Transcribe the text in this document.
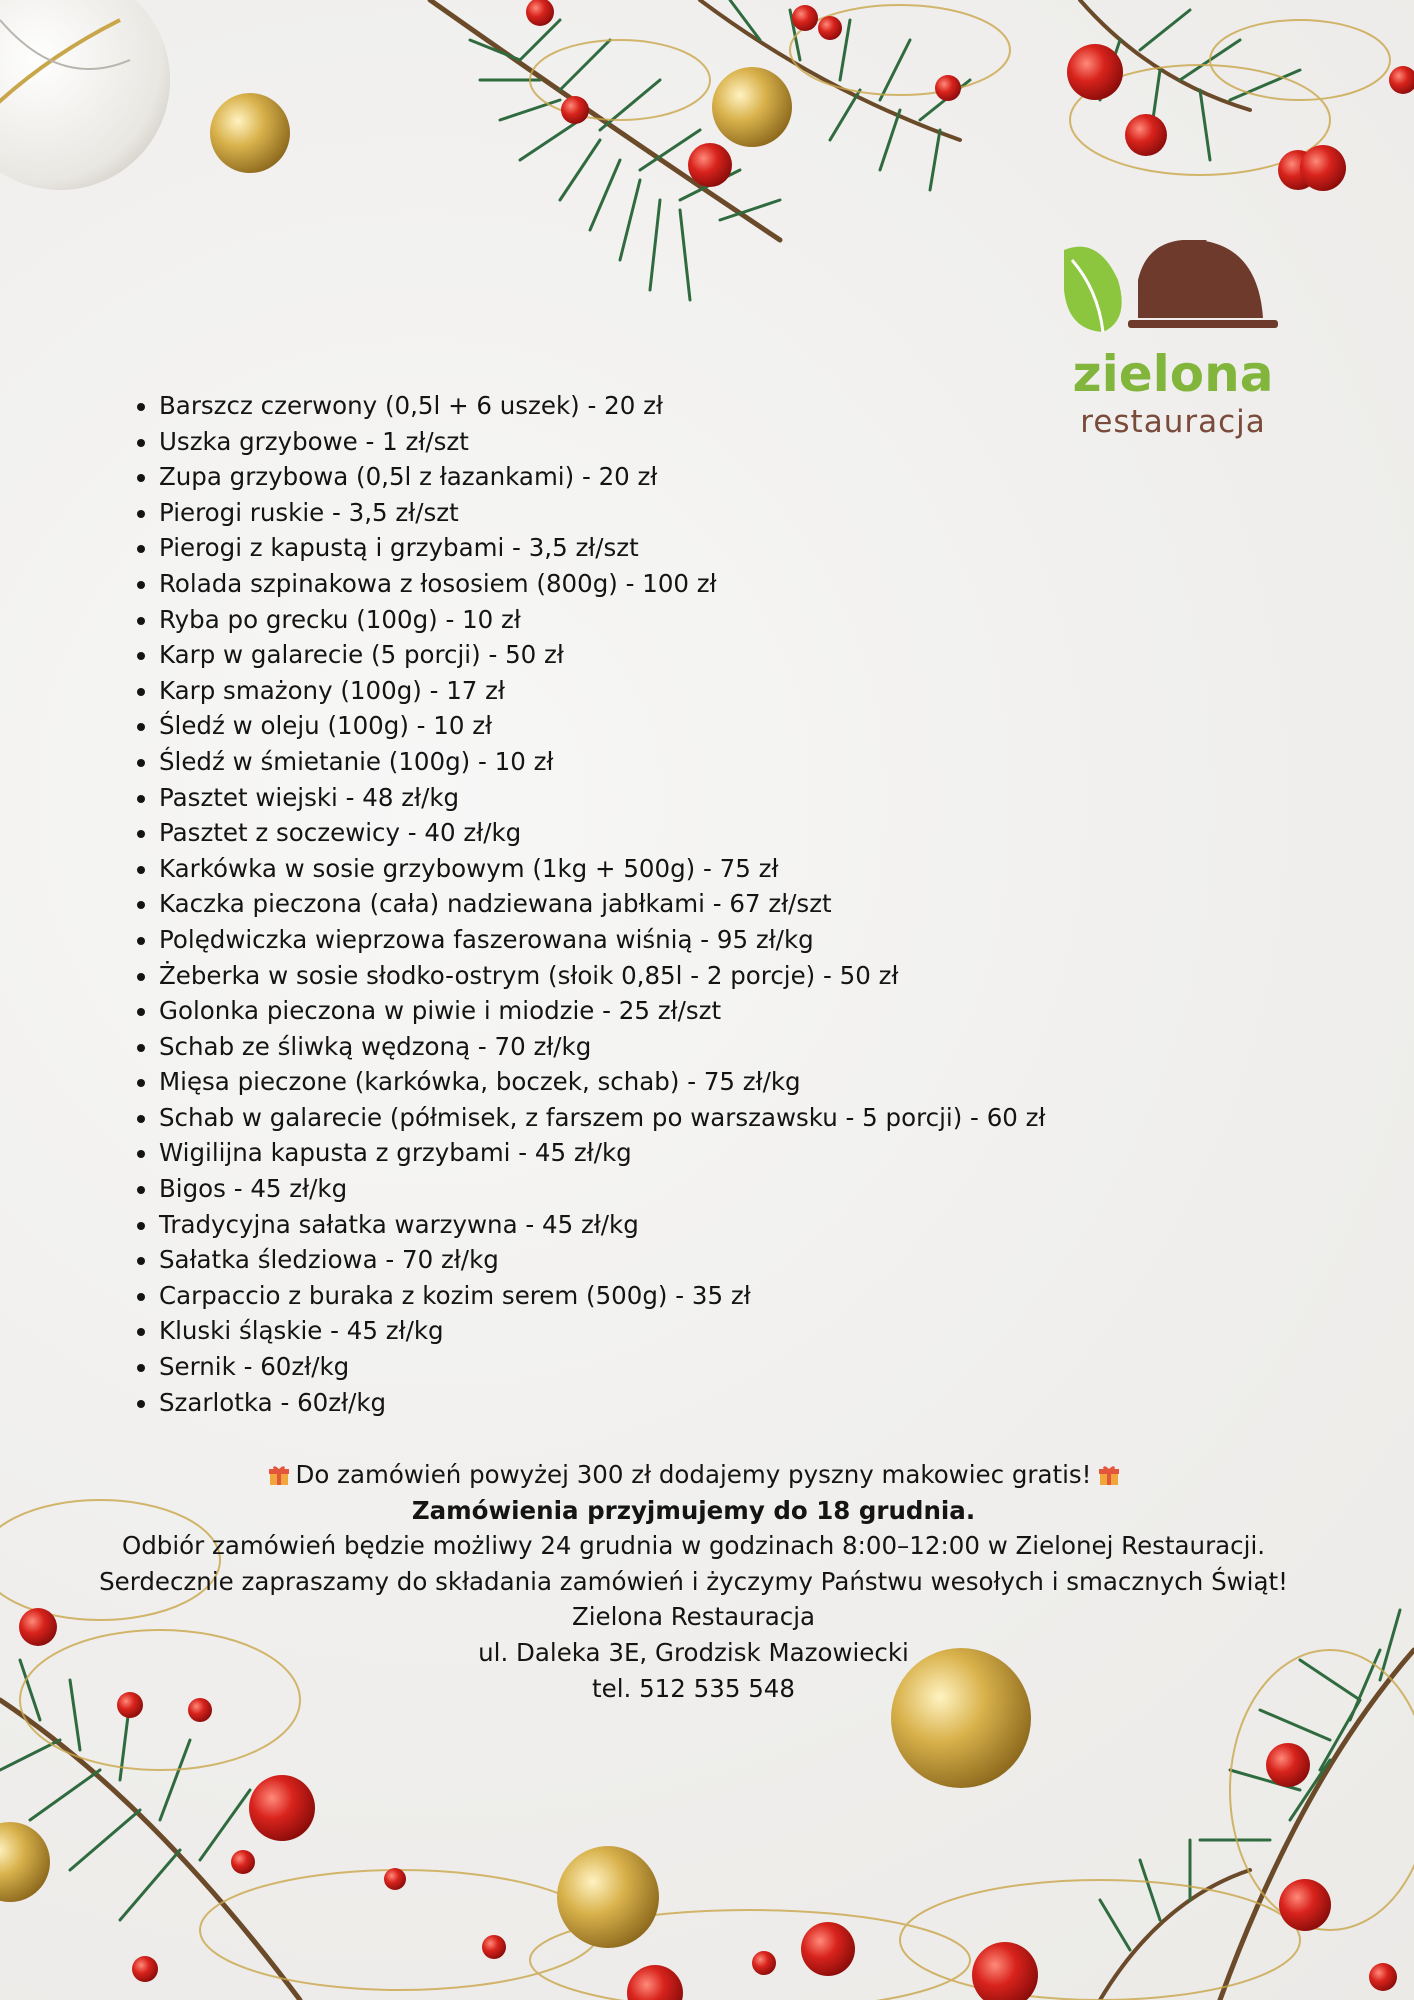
zielona
restauracja
• Barszcz czerwony (0,5l + 6 uszek) - 20 zł
• Uszka grzybowe - 1 zł/szt
• Zupa grzybowa (0,5l z łazankami) - 20 zł
• Pierogi ruskie - 3,5 zł/szt
• Pierogi z kapustą i grzybami - 3,5 zł/szt
• Rolada szpinakowa z łososiem (800g) - 100 zł
• Ryba po grecku (100g) - 10 zł
• Karp w galarecie (5 porcji) - 50 zł
• Karp smażony (100g) - 17 zł
• Śledź w oleju (100g) - 10 zł
• Śledź w śmietanie (100g) - 10 zł
• Pasztet wiejski - 48 zł/kg
• Pasztet z soczewicy - 40 zł/kg
• Karkówka w sosie grzybowym (1kg + 500g) - 75 zł
• Kaczka pieczona (cała) nadziewana jabłkami - 67 zł/szt
• Polędwiczka wieprzowa faszerowana wiśnią - 95 zł/kg
• Żeberka w sosie słodko-ostrym (słoik 0,85l - 2 porcje) - 50 zł
• Golonka pieczona w piwie i miodzie - 25 zł/szt
• Schab ze śliwką wędzoną - 70 zł/kg
• Mięsa pieczone (karkówka, boczek, schab) - 75 zł/kg
• Schab w galarecie (półmisek, z farszem po warszawsku - 5 porcji) - 60 zł
• Wigilijna kapusta z grzybami - 45 zł/kg
• Bigos - 45 zł/kg
• Tradycyjna sałatka warzywna - 45 zł/kg
• Sałatka śledziowa - 70 zł/kg
• Carpaccio z buraka z kozim serem (500g) - 35 zł
• Kluski śląskie - 45 zł/kg
• Sernik - 60zł/kg
• Szarlotka - 60zł/kg
Do zamówień powyżej 300 zł dodajemy pyszny makowiec gratis!
Zamówienia przyjmujemy do 18 grudnia.
Odbiór zamówień będzie możliwy 24 grudnia w godzinach 8:00–12:00 w Zielonej Restauracji.
Serdecznie zapraszamy do składania zamówień i życzymy Państwu wesołych i smacznych Świąt!
Zielona Restauracja
ul. Daleka 3E, Grodzisk Mazowiecki
tel. 512 535 548
